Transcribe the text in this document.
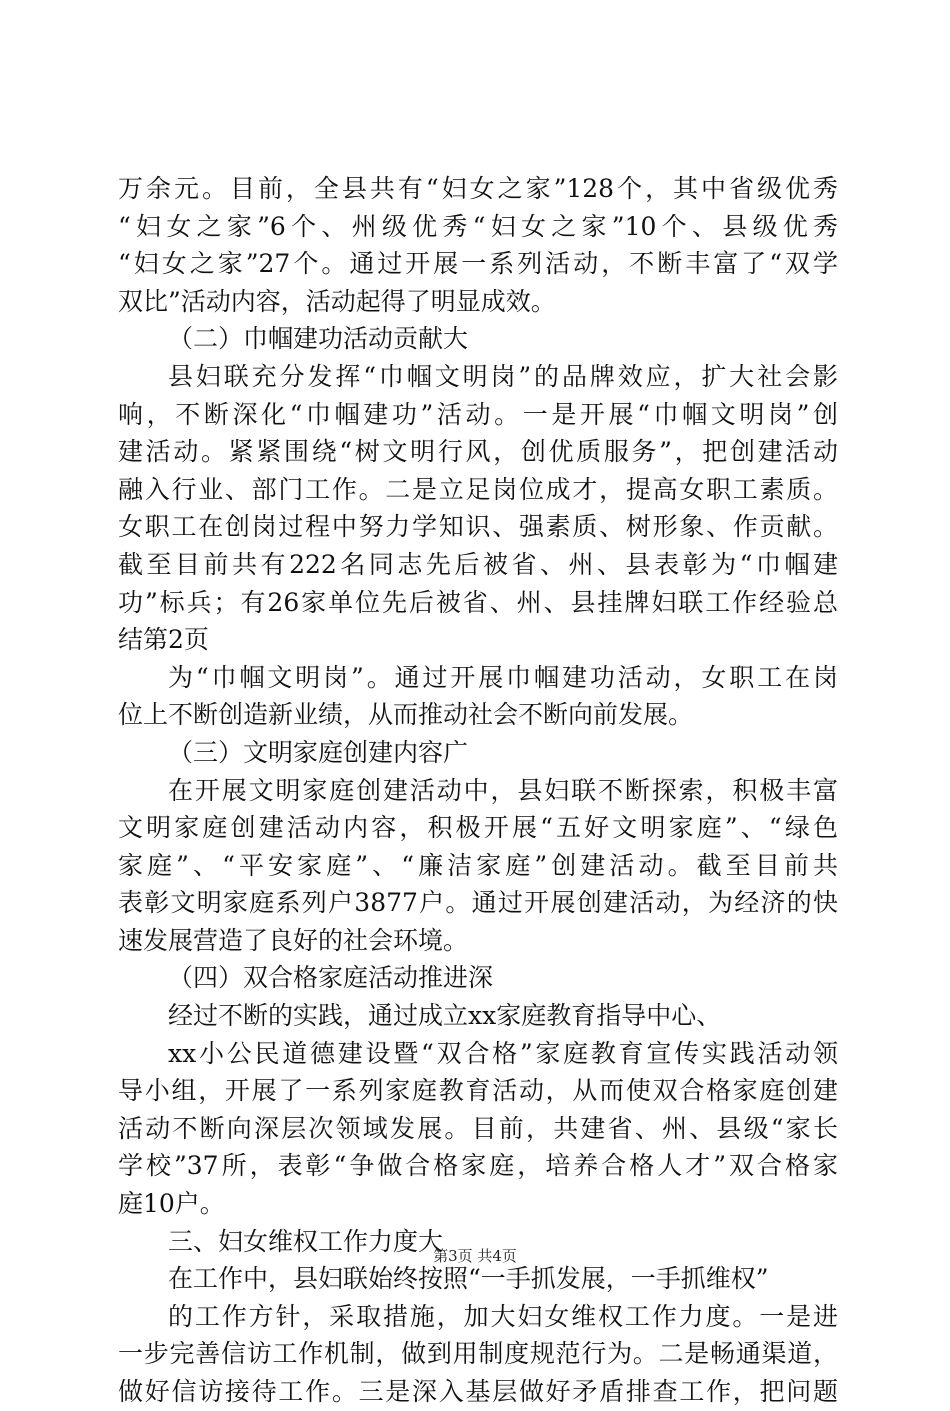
万余元。目前，全县共有“妇女之家”128个，其中省级优秀
“妇女之家”6个、州级优秀“妇女之家”10个、县级优秀
“妇女之家”27个。通过开展一系列活动，不断丰富了“双学
双比”活动内容，活动起得了明显成效。
（二）巾帼建功活动贡献大
县妇联充分发挥“巾帼文明岗”的品牌效应，扩大社会影
响，不断深化“巾帼建功”活动。一是开展“巾帼文明岗”创
建活动。紧紧围绕“树文明行风，创优质服务”，把创建活动
融入行业、部门工作。二是立足岗位成才，提高女职工素质。
女职工在创岗过程中努力学知识、强素质、树形象、作贡献。
截至目前共有222名同志先后被省、州、县表彰为“巾帼建
功”标兵；有26家单位先后被省、州、县挂牌妇联工作经验总
结第2页
为“巾帼文明岗”。通过开展巾帼建功活动，女职工在岗
位上不断创造新业绩，从而推动社会不断向前发展。
（三）文明家庭创建内容广
在开展文明家庭创建活动中，县妇联不断探索，积极丰富
文明家庭创建活动内容，积极开展“五好文明家庭”、“绿色
家庭”、“平安家庭”、“廉洁家庭”创建活动。截至目前共
表彰文明家庭系列户3877户。通过开展创建活动，为经济的快
速发展营造了良好的社会环境。
（四）双合格家庭活动推进深
经过不断的实践，通过成立xx家庭教育指导中心、
xx小公民道德建设暨“双合格”家庭教育宣传实践活动领
导小组，开展了一系列家庭教育活动，从而使双合格家庭创建
活动不断向深层次领域发展。目前，共建省、州、县级“家长
学校”37所，表彰“争做合格家庭，培养合格人才”双合格家
庭10户。
三、妇女维权工作力度大
在工作中，县妇联始终按照“一手抓发展，一手抓维权”
的工作方针，采取措施，加大妇女维权工作力度。一是进
一步完善信访工作机制，做到用制度规范行为。二是畅通渠道，
做好信访接待工作。三是深入基层做好矛盾排查工作，把问题
第3页 共4页
